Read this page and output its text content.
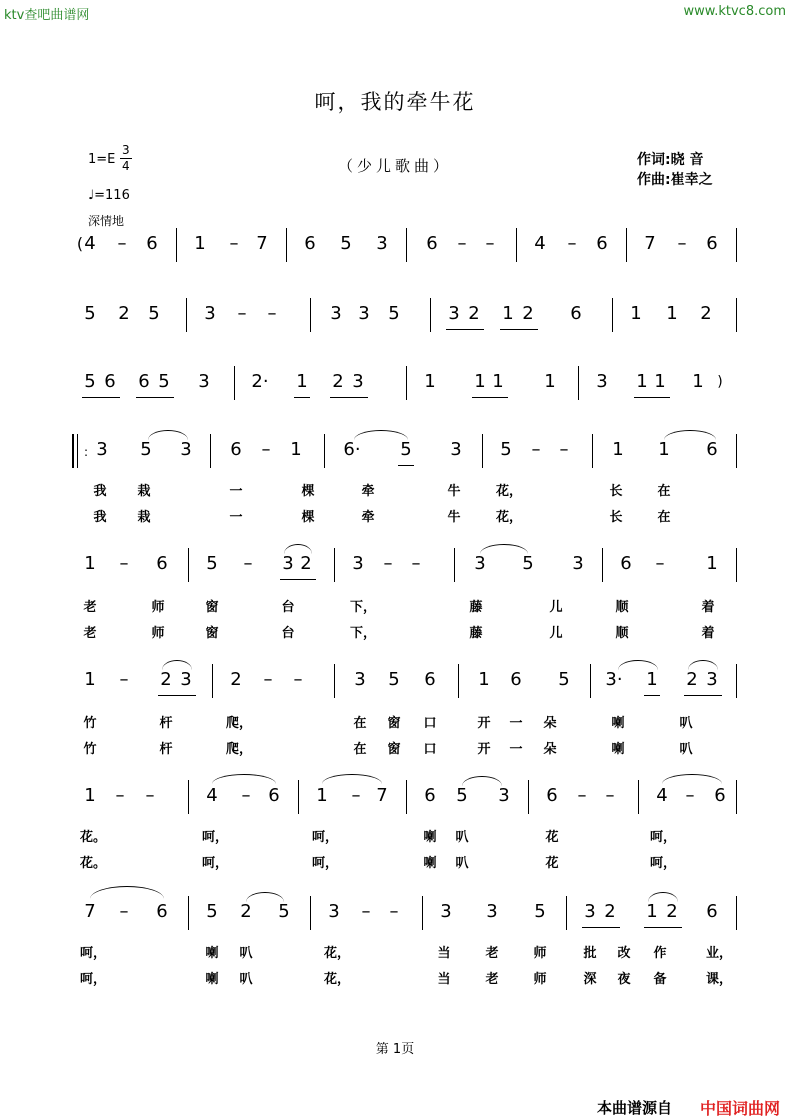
ktv查吧曲谱网	www.ktvc8.com
呵，我的牵牛花
（少儿歌曲）
1=E
3
4
♩=116
深情地
作词:晓 音
作曲:崔幸之
( 4	–	6 1	– 7 6 5 3 6	–	–	4	–	6 7	–	6
5 2 5 3	–	–	3 3 5	3 2 1 2 6	1 1 2
5 6 6 5 3 2· 1 2 3	1 1 1 1 3 1 1 1 )
: 3 5 3 6	–	1 6· 5 3 5	–	–	1 1 6
我 栽	一	棵	牵	牛	花，	长	在
我 栽	一	棵	牵	牛	花，	长	在
1	–	6 5	–	3 2 3	–	–	3 5 3 6	–	1
老	师	窗	台	下，	藤	儿	顺	着
老	师	窗	台	下，	藤	儿	顺	着
1	–	2 3 2	–	–	3 5 6 1 6 5 3· 1 2 3
竹	杆	爬，	在 窗 口	开 一 朵	喇	叭
竹	杆	爬，	在 窗 口	开 一 朵	喇	叭
1	–	–	4	– 6 1	– 7 6 5 3 6	–	–	4 –	6
花。	呵，	呵，	喇 叭	花	呵，
花。	呵，	呵，	喇 叭	花	呵，
7	–	6 5 2 5 3	–	–	3 3 5 3 2 1 2 6
呵，	喇 叭	花，	当	老	师	批 改 作	业，
呵，	喇 叭	花，	当	老	师	深 夜 备	课，
第 1页
本曲谱源自 中国词曲网
